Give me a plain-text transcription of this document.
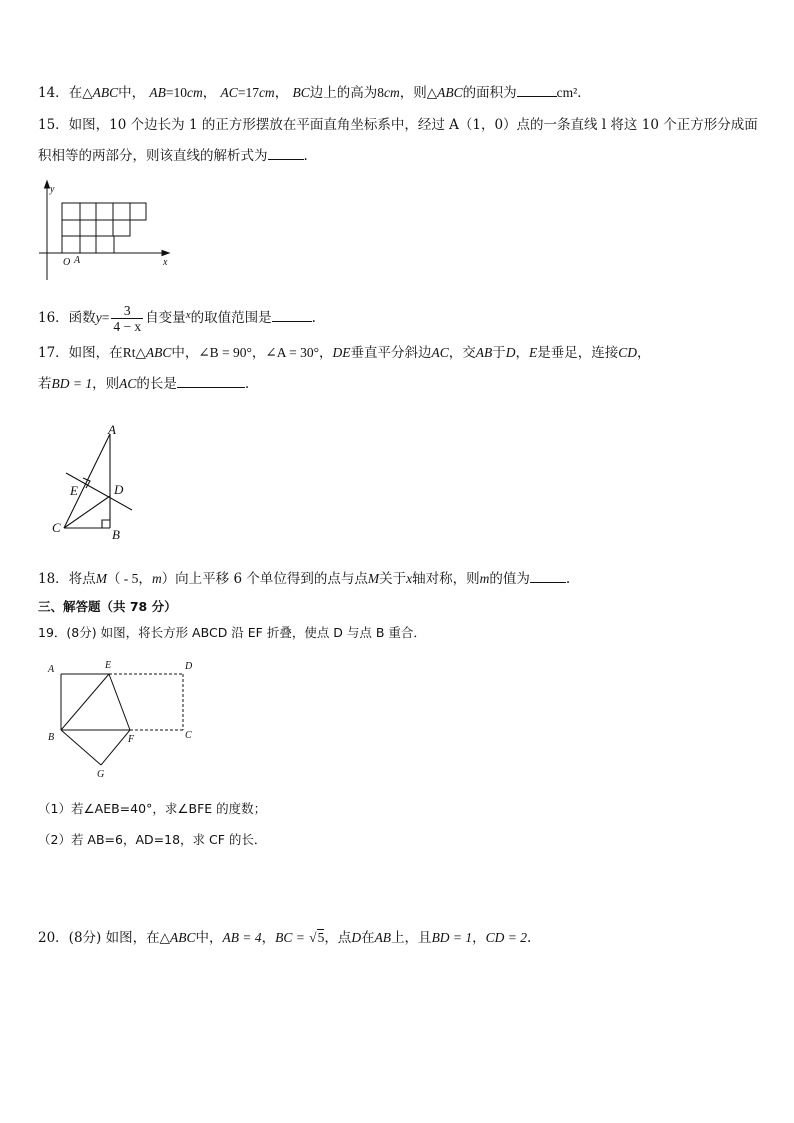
14．在△ABC中， AB=10cm， AC=17cm， BC边上的高为8cm，则△ABC的面积为	cm²．
15．如图，10 个边长为 1 的正方形摆放在平面直角坐标系中，经过 A（1，0）点的一条直线 l 将这 10 个正方形分成面
积相等的两部分，则该直线的解析式为	.
y
x
O A
16．函数$y= \frac{3}{4 - x}$ 自变量$^x$的取值范围是	.
17．如图，在Rt△ABC中，∠B = 90°，∠A = 30°，DE垂直平分斜边AC，交AB于D，E是垂足，连接CD，
若BD = 1，则AC的长是	.
A
B
C
D
E
18．将点M（ - 5，m）向上平移 6 个单位得到的点与点M关于x轴对称，则m的值为	.
三、解答题（共 78 分）
19．(8分) 如图，将长方形 ABCD 沿 EF 折叠，使点 D 与点 B 重合．
A	E	D
B	F	C
G
（1）若∠AEB=40°，求∠BFE 的度数；
（2）若 AB=6，AD=18，求 CF 的长．
20．(8分) 如图，在△ABC中，AB = 4，BC = √5，点D在AB上，且BD = 1，CD = 2.
